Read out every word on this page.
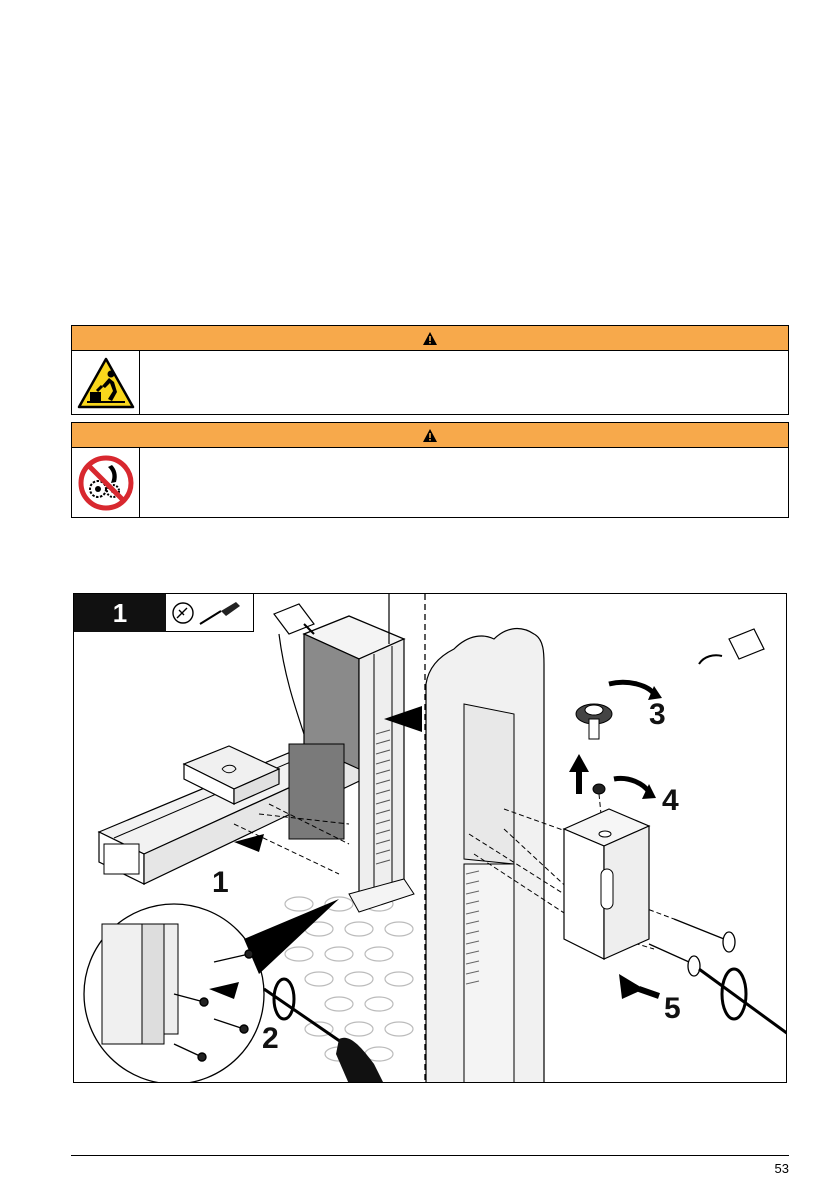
1
1
2
3
4
5
53
